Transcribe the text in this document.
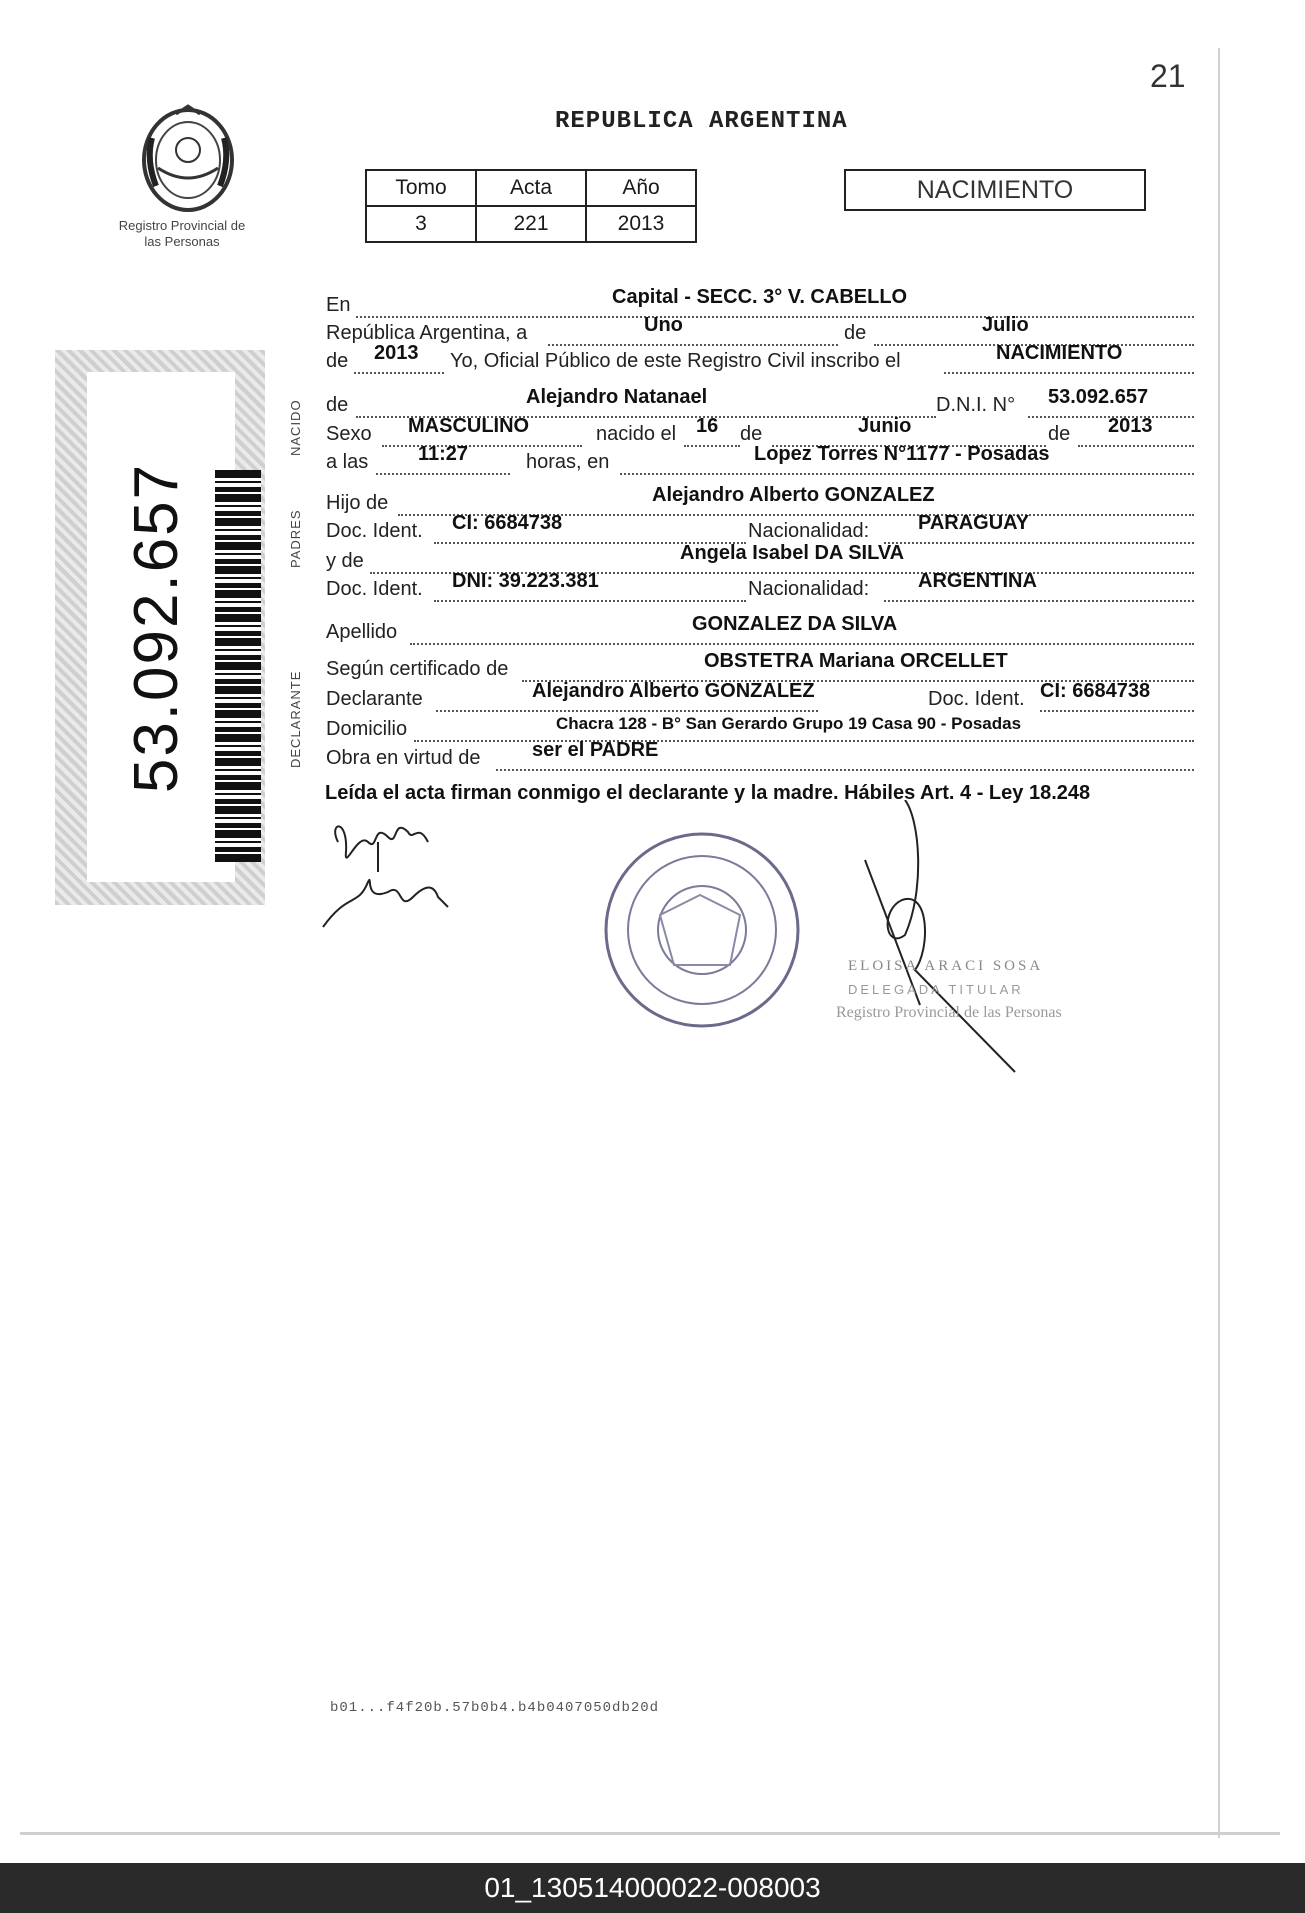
21
Registro Provincial de las Personas
REPUBLICA ARGENTINA
Tomo	Acta	Año
3	221	2013
NACIMIENTO
53.092.657
NACIDO
PADRES
DECLARANTE
En	Capital - SECC. 3° V. CABELLO
República Argentina, a	Uno	de	Julio
de 2013 Yo, Oficial Público de este Registro Civil inscribo el	NACIMIENTO
de	Alejandro Natanael	D.N.I. N° 53.092.657
Sexo MASCULINO	nacido el 16 de	Junio	de 2013
a las 11:27	horas, en	Lopez Torres N°1177 - Posadas
Hijo de	Alejandro Alberto GONZALEZ
Doc. Ident. CI: 6684738	Nacionalidad: PARAGUAY
y de	Angela Isabel DA SILVA
Doc. Ident. DNI: 39.223.381	Nacionalidad: ARGENTINA
Apellido	GONZALEZ DA SILVA
Según certificado de	OBSTETRA Mariana ORCELLET
Declarante	Alejandro Alberto GONZALEZ	Doc. Ident. CI: 6684738
Domicilio	Chacra 128 - B° San Gerardo Grupo 19 Casa 90 - Posadas
Obra en virtud de	ser el PADRE
Leída el acta firman conmigo el declarante y la madre. Hábiles Art. 4 - Ley 18.248
ELOISA ARACI SOSA
DELEGADA TITULAR
Registro Provincial de las Personas
b01...f4f20b.57b0b4.b4b0407050db20d
01_130514000022-008003
